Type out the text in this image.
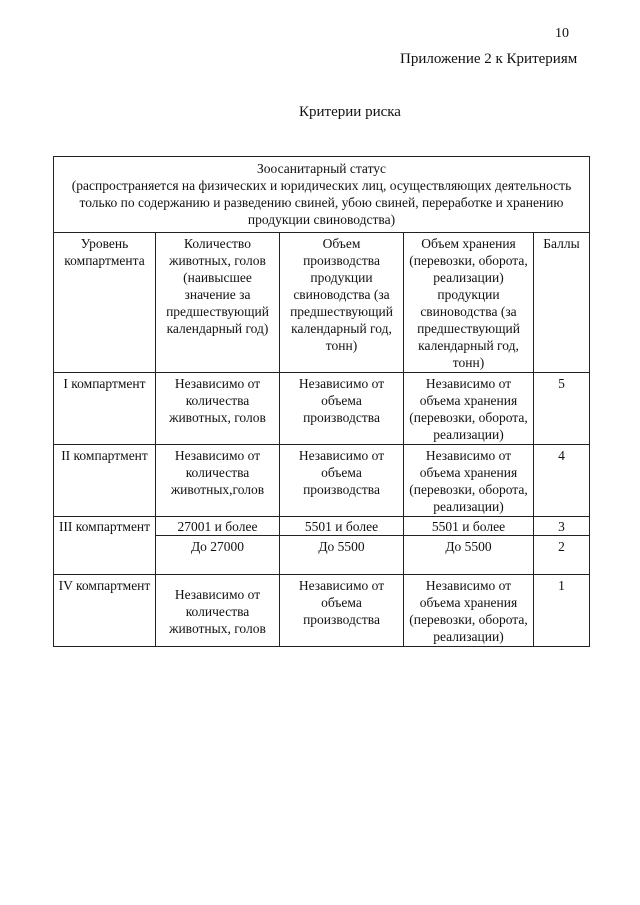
10
Приложение 2 к Критериям
Критерии риска
Зоосанитарный статус
(распространяется на физических и юридических лиц, осуществляющих деятельность только по содержанию и разведению свиней, убою свиней, переработке и хранению продукции свиноводства)				

Уровень компартмента	Количество животных, голов (наивысшее значение за предшествующий календарный год)	Объем производства продукции свиноводства (за предшествующий календарный год, тонн)	Объем хранения (перевозки, оборота, реализации) продукции свиноводства (за предшествующий календарный год, тонн)	Баллы
I компартмент	Независимо от количества животных, голов	Независимо от объема производства	Независимо от объема хранения (перевозки, оборота, реализации)	5
II компартмент	Независимо от количества животных,голов	Независимо от объема производства	Независимо от объема хранения (перевозки, оборота, реализации)	4
III компартмент	27001 и более	5501 и более	5501 и более	3
	До 27000	До 5500	До 5500	2
IV компартмент	Независимо от количества животных, голов	Независимо от объема производства	Независимо от объема хранения (перевозки, оборота, реализации)	1
